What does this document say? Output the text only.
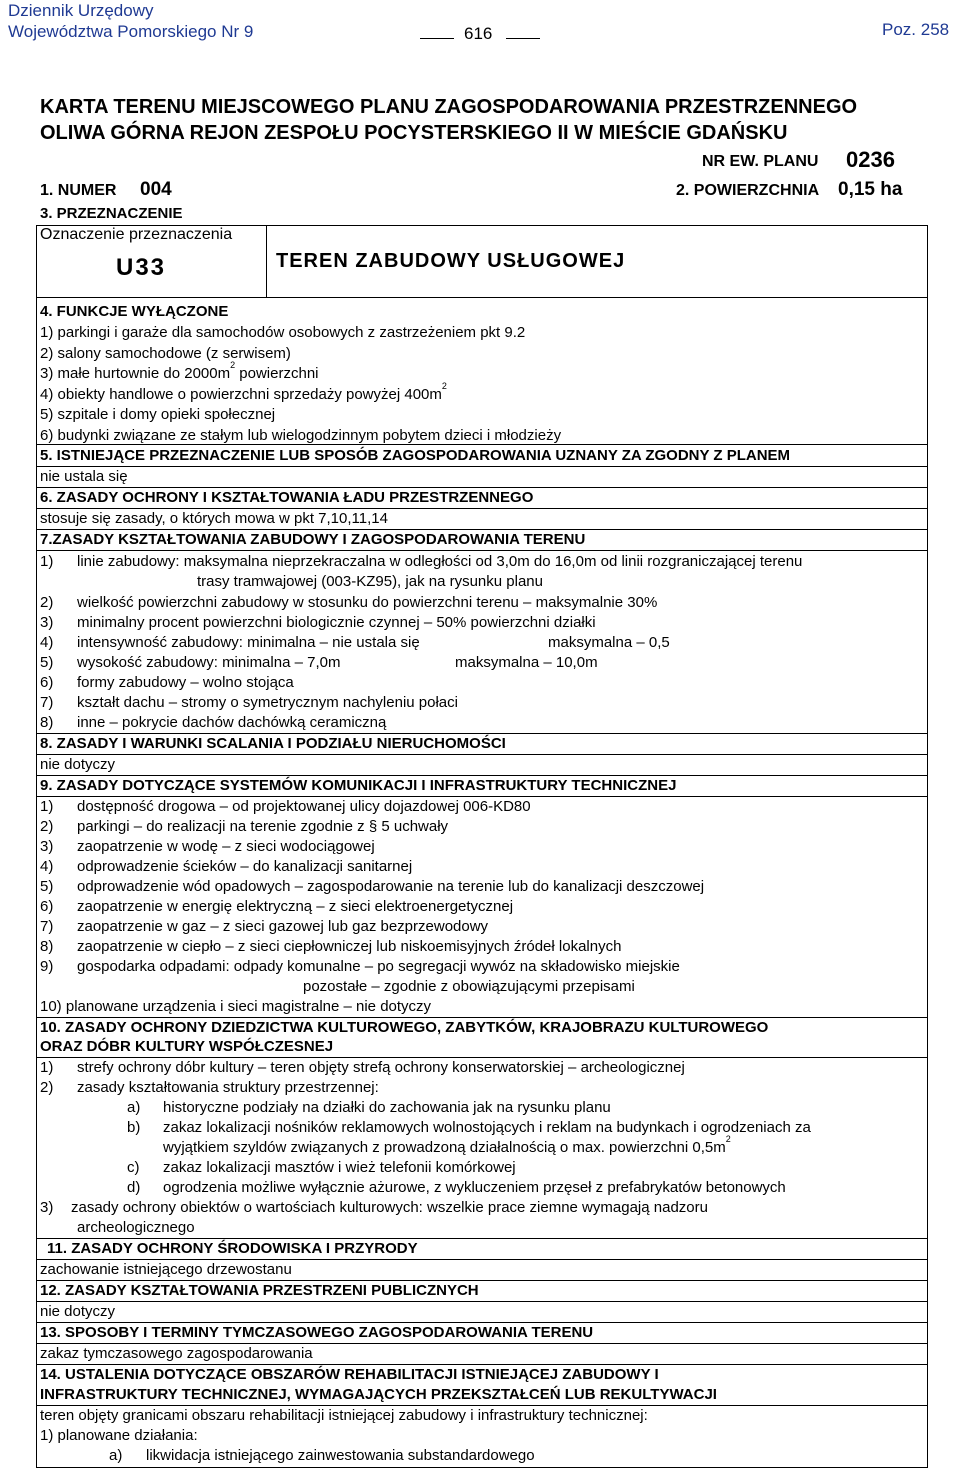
Dziennik Urzędowy
Województwa Pomorskiego Nr 9	616	Poz. 258
KARTA TERENU MIEJSCOWEGO PLANU ZAGOSPODAROWANIA PRZESTRZENNEGO
OLIWA GÓRNA REJON ZESPOŁU POCYSTERSKIEGO II W MIEŚCIE GDAŃSKU
NR EW. PLANU 0236
1. NUMER 004	2. POWIERZCHNIA 0,15 ha
3. PRZEZNACZENIE
Oznaczenie przeznaczenia
U33	TEREN ZABUDOWY USŁUGOWEJ
4. FUNKCJE WYŁĄCZONE
1) parkingi i garaże dla samochodów osobowych z zastrzeżeniem pkt 9.2
2) salony samochodowe (z serwisem)
3) małe hurtownie do $2000m^2$ powierzchni
4) obiekty handlowe o powierzchni sprzedaży powyżej $400m^2$
5) szpitale i domy opieki społecznej
6) budynki związane ze stałym lub wielogodzinnym pobytem dzieci i młodzieży
5. ISTNIEJĄCE PRZEZNACZENIE LUB SPOSÓB ZAGOSPODAROWANIA UZNANY ZA ZGODNY Z PLANEM
nie ustala się
6. ZASADY OCHRONY I KSZTAŁTOWANIA ŁADU PRZESTRZENNEGO
stosuje się zasady, o których mowa w pkt 7,10,11,14
7.ZASADY KSZTAŁTOWANIA ZABUDOWY I ZAGOSPODAROWANIA TERENU
1) linie zabudowy: maksymalna nieprzekraczalna w odległości od 3,0m do 16,0m od linii rozgraniczającej terenu
trasy tramwajowej (003-KZ95), jak na rysunku planu
2) wielkość powierzchni zabudowy w stosunku do powierzchni terenu – maksymalnie 30%
3) minimalny procent powierzchni biologicznie czynnej – 50% powierzchni działki
4) intensywność zabudowy: minimalna – nie ustala się	maksymalna – 0,5
5) wysokość zabudowy: minimalna – 7,0m	maksymalna – 10,0m
6) formy zabudowy – wolno stojąca
7) kształt dachu – stromy o symetrycznym nachyleniu połaci
8) inne – pokrycie dachów dachówką ceramiczną
8. ZASADY I WARUNKI SCALANIA I PODZIAŁU NIERUCHOMOŚCI
nie dotyczy
9. ZASADY DOTYCZĄCE SYSTEMÓW KOMUNIKACJI I INFRASTRUKTURY TECHNICZNEJ
1) dostępność drogowa – od projektowanej ulicy dojazdowej 006-KD80
2) parkingi – do realizacji na terenie zgodnie z § 5 uchwały
3) zaopatrzenie w wodę – z sieci wodociągowej
4) odprowadzenie ścieków – do kanalizacji sanitarnej
5) odprowadzenie wód opadowych – zagospodarowanie na terenie lub do kanalizacji deszczowej
6) zaopatrzenie w energię elektryczną – z sieci elektroenergetycznej
7) zaopatrzenie w gaz – z sieci gazowej lub gaz bezprzewodowy
8) zaopatrzenie w ciepło – z sieci ciepłowniczej lub niskoemisyjnych źródeł lokalnych
9) gospodarka odpadami: odpady komunalne – po segregacji wywóz na składowisko miejskie
pozostałe – zgodnie z obowiązującymi przepisami
10) planowane urządzenia i sieci magistralne – nie dotyczy
10. ZASADY OCHRONY DZIEDZICTWA KULTUROWEGO, ZABYTKÓW, KRAJOBRAZU KULTUROWEGO
ORAZ DÓBR KULTURY WSPÓŁCZESNEJ
1) strefy ochrony dóbr kultury – teren objęty strefą ochrony konserwatorskiej – archeologicznej
2) zasady kształtowania struktury przestrzennej:
a) historyczne podziały na działki do zachowania jak na rysunku planu
b) zakaz lokalizacji nośników reklamowych wolnostojących i reklam na budynkach i ogrodzeniach za
wyjątkiem szyldów związanych z prowadzoną działalnością o max. powierzchni $0,5m^2$
c) zakaz lokalizacji masztów i wież telefonii komórkowej
d) ogrodzenia możliwe wyłącznie ażurowe, z wykluczeniem przęseł z prefabrykatów betonowych
3) zasady ochrony obiektów o wartościach kulturowych: wszelkie prace ziemne wymagają nadzoru
archeologicznego
11. ZASADY OCHRONY ŚRODOWISKA I PRZYRODY
zachowanie istniejącego drzewostanu
12. ZASADY KSZTAŁTOWANIA PRZESTRZENI PUBLICZNYCH
nie dotyczy
13. SPOSOBY I TERMINY TYMCZASOWEGO ZAGOSPODAROWANIA TERENU
zakaz tymczasowego zagospodarowania
14. USTALENIA DOTYCZĄCE OBSZARÓW REHABILITACJI ISTNIEJĄCEJ ZABUDOWY I
INFRASTRUKTURY TECHNICZNEJ, WYMAGAJĄCYCH PRZEKSZTAŁCEŃ LUB REKULTYWACJI
teren objęty granicami obszaru rehabilitacji istniejącej zabudowy i infrastruktury technicznej:
1) planowane działania:
a) likwidacja istniejącego zainwestowania substandardowego
